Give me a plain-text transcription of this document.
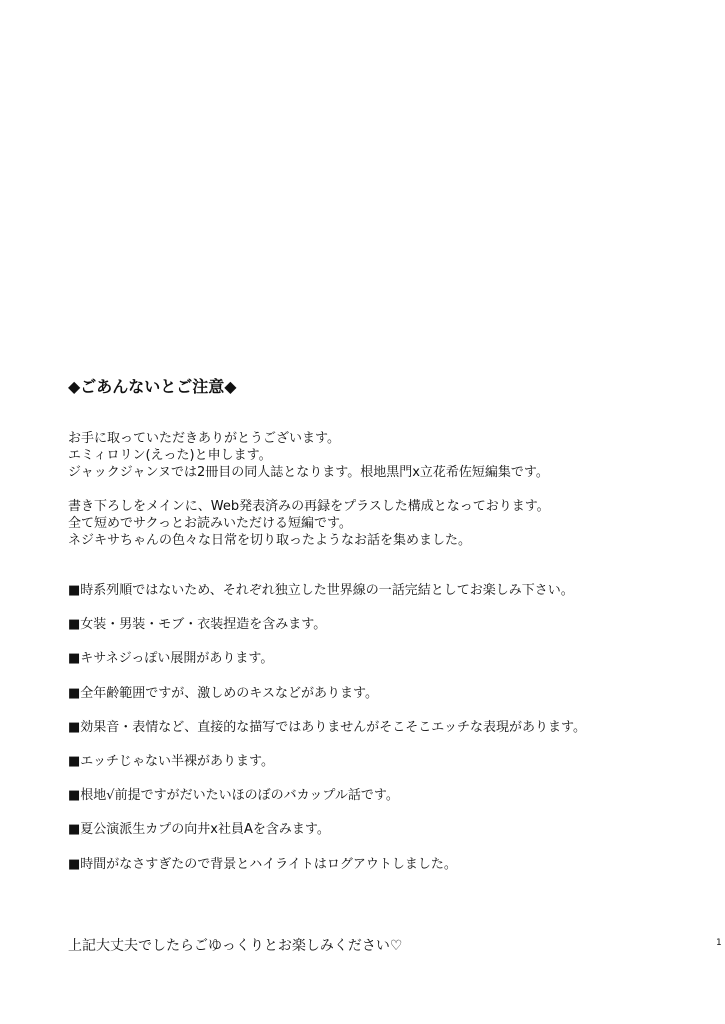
◆ごあんないとご注意◆
お手に取っていただきありがとうございます。
エミィロリン(えった)と申します。
ジャックジャンヌでは2冊目の同人誌となります。根地黒門x立花希佐短編集です。
書き下ろしをメインに、Web発表済みの再録をプラスした構成となっております。
全て短めでサクっとお読みいただける短編です。
ネジキサちゃんの色々な日常を切り取ったようなお話を集めました。
■時系列順ではないため、それぞれ独立した世界線の一話完結としてお楽しみ下さい。
■女装・男装・モブ・衣装捏造を含みます。
■キサネジっぽい展開があります。
■全年齢範囲ですが、激しめのキスなどがあります。
■効果音・表情など、直接的な描写ではありませんがそこそこエッチな表現があります。
■エッチじゃない半裸があります。
■根地√前提ですがだいたいほのぼのバカップル話です。
■夏公演派生カプの向井x社員Aを含みます。
■時間がなさすぎたので背景とハイライトはログアウトしました。
上記大丈夫でしたらごゆっくりとお楽しみください♡	1
